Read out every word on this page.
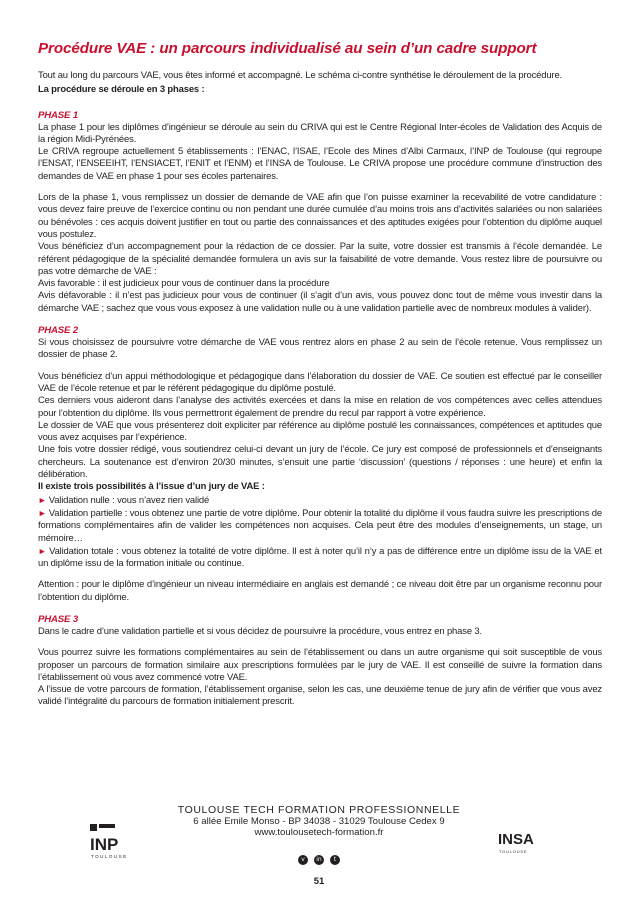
Procédure VAE : un parcours individualisé au sein d’un cadre support

Tout au long du parcours VAE, vous êtes informé et accompagné. Le schéma ci-contre synthétise le déroulement de la procédure.

La procédure se déroule en 3 phases :

PHASE 1

La phase 1 pour les diplômes d’ingénieur se déroule au sein du CRIVA qui est le Centre Régional Inter-écoles de Validation des Acquis de la région Midi-Pyrénées.

Le CRIVA regroupe actuellement 5 établissements : l’ENAC, l’ISAE, l’Ecole des Mines d’Albi Carmaux, l’INP de Toulouse (qui regroupe l’ENSAT, l’ENSEEIHT, l’ENSIACET, l’ENIT et l’ENM) et l’INSA de Toulouse. Le CRIVA propose une procédure commune d’instruction des demandes de VAE en phase 1 pour ses écoles partenaires.

Lors de la phase 1, vous remplissez un dossier de demande de VAE afin que l’on puisse examiner la recevabilité de votre candidature : vous devez faire preuve de l’exercice continu ou non pendant une durée cumulée d’au moins trois ans d’activités salariées ou non salariées ou bénévoles : ces acquis doivent justifier en tout ou partie des connaissances et des aptitudes exigées pour l’obtention du diplôme auquel vous postulez.

Vous bénéficiez d’un accompagnement pour la rédaction de ce dossier. Par la suite, votre dossier est transmis à l’école demandée. Le référent pédagogique de la spécialité demandée formulera un avis sur la faisabilité de votre demande. Vous restez libre de poursuivre ou pas votre démarche de VAE :

Avis favorable : il est judicieux pour vous de continuer dans la procédure

Avis défavorable : il n’est pas judicieux pour vous de continuer (il s’agit d’un avis, vous pouvez donc tout de même vous investir dans la démarche VAE ; sachez que vous vous exposez à une validation nulle ou à une validation partielle avec de nombreux modules à valider).

PHASE 2

Si vous choisissez de poursuivre votre démarche de VAE vous rentrez alors en phase 2 au sein de l’école retenue. Vous remplissez un dossier de phase 2.

Vous bénéficiez d’un appui méthodologique et pédagogique dans l’élaboration du dossier de VAE. Ce soutien est effectué par le conseiller VAE de l’école retenue et par le référent pédagogique du diplôme postulé.

Ces derniers vous aideront dans l’analyse des activités exercées et dans la mise en relation de vos compétences avec celles attendues pour l’obtention du diplôme. Ils vous permettront également de prendre du recul par rapport à votre expérience.

Le dossier de VAE que vous présenterez doit expliciter par référence au diplôme postulé les connaissances, compétences et aptitudes que vous avez acquises par l’expérience.

Une fois votre dossier rédigé, vous soutiendrez celui-ci devant un jury de l’école. Ce jury est composé de professionnels et d’enseignants chercheurs. La soutenance est d’environ 20/30 minutes, s’ensuit une partie ‘discussion’ (questions / réponses : une heure) et enfin la délibération.

Il existe trois possibilités à l’issue d’un jury de VAE :

► Validation nulle : vous n’avez rien validé

► Validation partielle : vous obtenez une partie de votre diplôme. Pour obtenir la totalité du diplôme il vous faudra suivre les prescriptions de formations complémentaires afin de valider les compétences non acquises. Cela peut être des modules d’enseignements, un stage, un mémoire…

► Validation totale : vous obtenez la totalité de votre diplôme. Il est à noter qu’il n’y a pas de différence entre un diplôme issu de la VAE et un diplôme issu de la formation initiale ou continue.

Attention : pour le diplôme d’ingénieur un niveau intermédiaire en anglais est demandé ; ce niveau doit être par un organisme reconnu pour l’obtention du diplôme.

PHASE 3

Dans le cadre d’une validation partielle et si vous décidez de poursuivre la procédure, vous entrez en phase 3.

Vous pourrez suivre les formations complémentaires au sein de l’établissement ou dans un autre organisme qui soit susceptible de vous proposer un parcours de formation similaire aux prescriptions formulées par le jury de VAE. Il est conseillé de suivre la formation dans l’établissement où vous avez commencé votre VAE.

A l’issue de votre parcours de formation, l’établissement organise, selon les cas, une deuxième tenue de jury afin de vérifier que vous avez validé l’intégralité du parcours de formation initialement prescrit.

INP
TOULOUSE
TOULOUSE TECH FORMATION PROFESSIONNELLE
6 allée Emile Monso - BP 34038 - 31029 Toulouse Cedex 9
www.toulousetech-formation.fr	INSA
TOULOUSE
v in t
51
